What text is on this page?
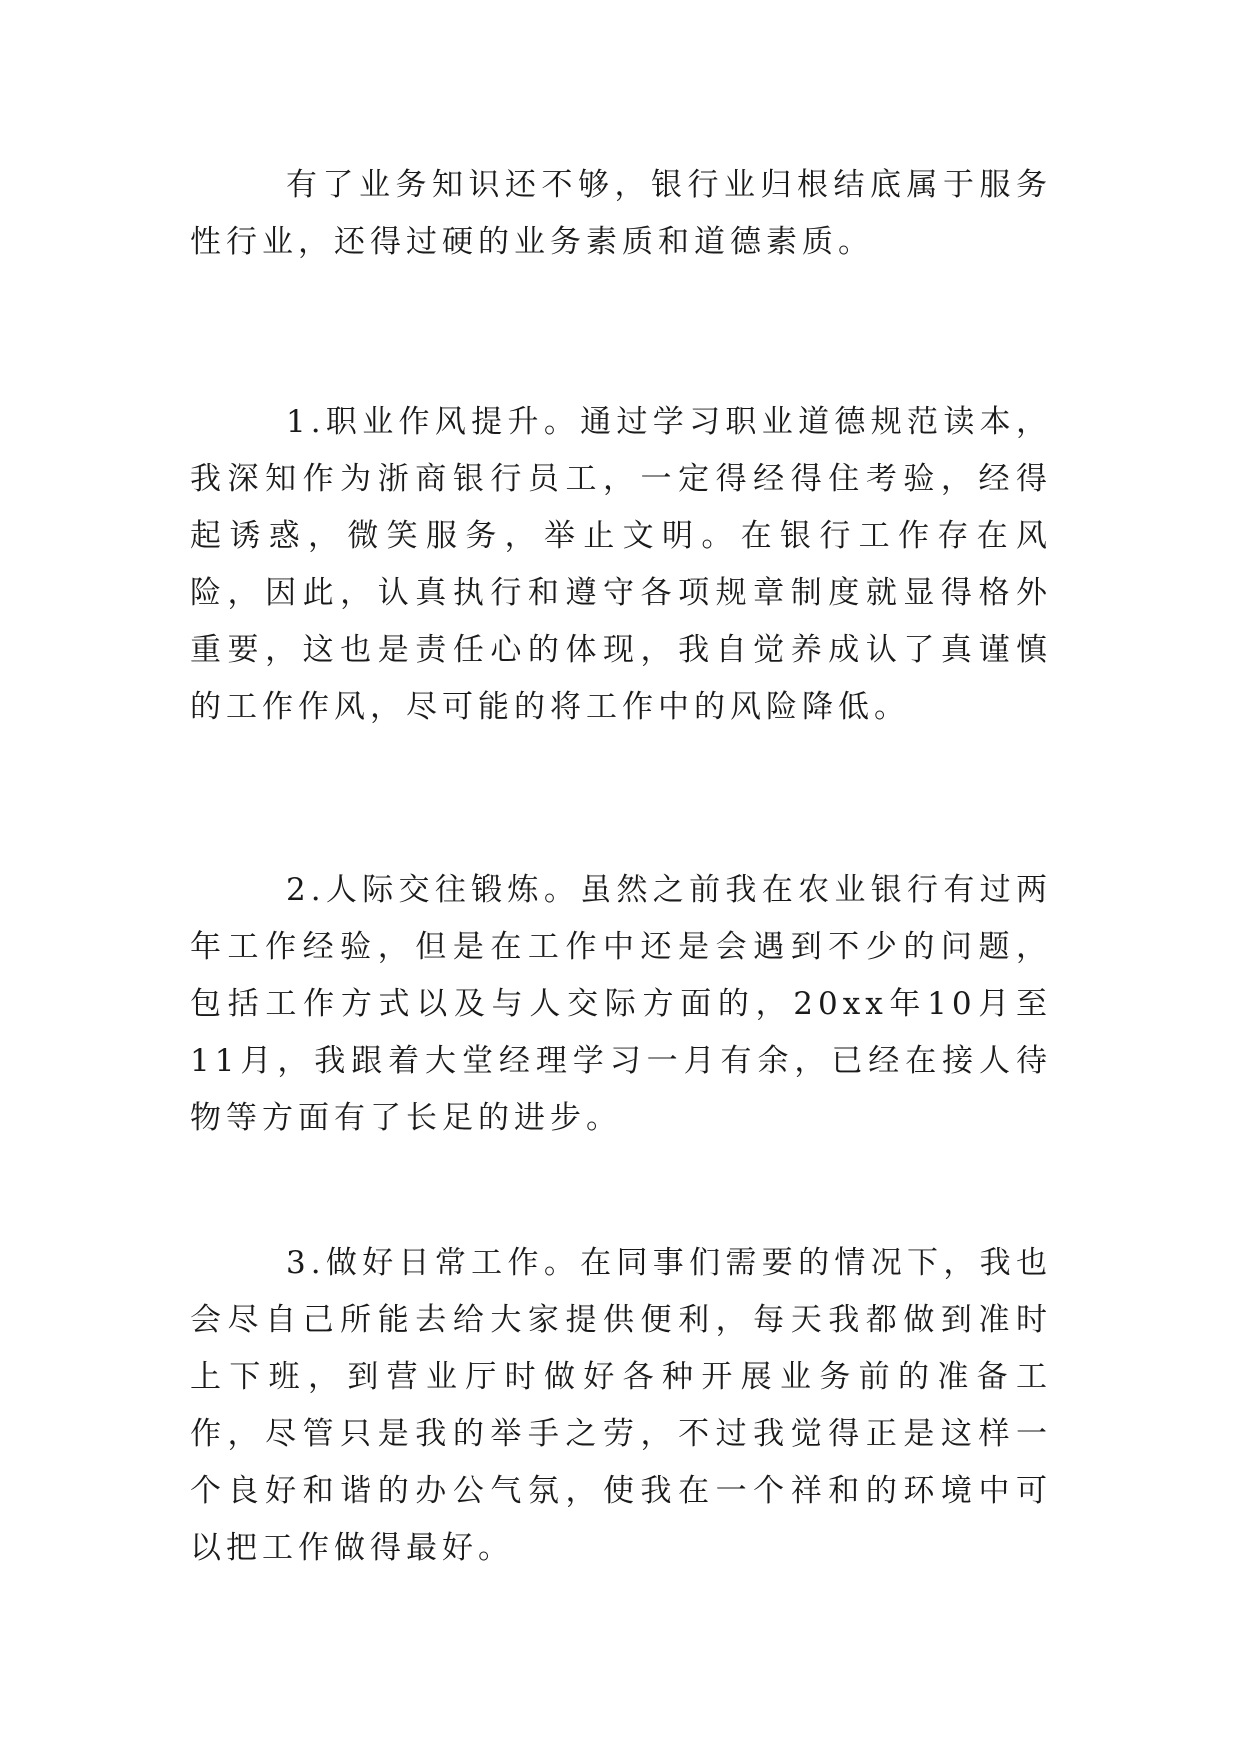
有了业务知识还不够，银行业归根结底属于服务性行业，还得过硬的业务素质和道德素质。

1.职业作风提升。通过学习职业道德规范读本，我深知作为浙商银行员工，一定得经得住考验，经得起诱惑，微笑服务，举止文明。在银行工作存在风险，因此，认真执行和遵守各项规章制度就显得格外重要，这也是责任心的体现，我自觉养成认了真谨慎的工作作风，尽可能的将工作中的风险降低。

2.人际交往锻炼。虽然之前我在农业银行有过两年工作经验，但是在工作中还是会遇到不少的问题，包括工作方式以及与人交际方面的，20xx年10月至11月，我跟着大堂经理学习一月有余，已经在接人待物等方面有了长足的进步。

3.做好日常工作。在同事们需要的情况下，我也会尽自己所能去给大家提供便利，每天我都做到准时上下班，到营业厅时做好各种开展业务前的准备工作，尽管只是我的举手之劳，不过我觉得正是这样一个良好和谐的办公气氛，使我在一个祥和的环境中可以把工作做得最好。
